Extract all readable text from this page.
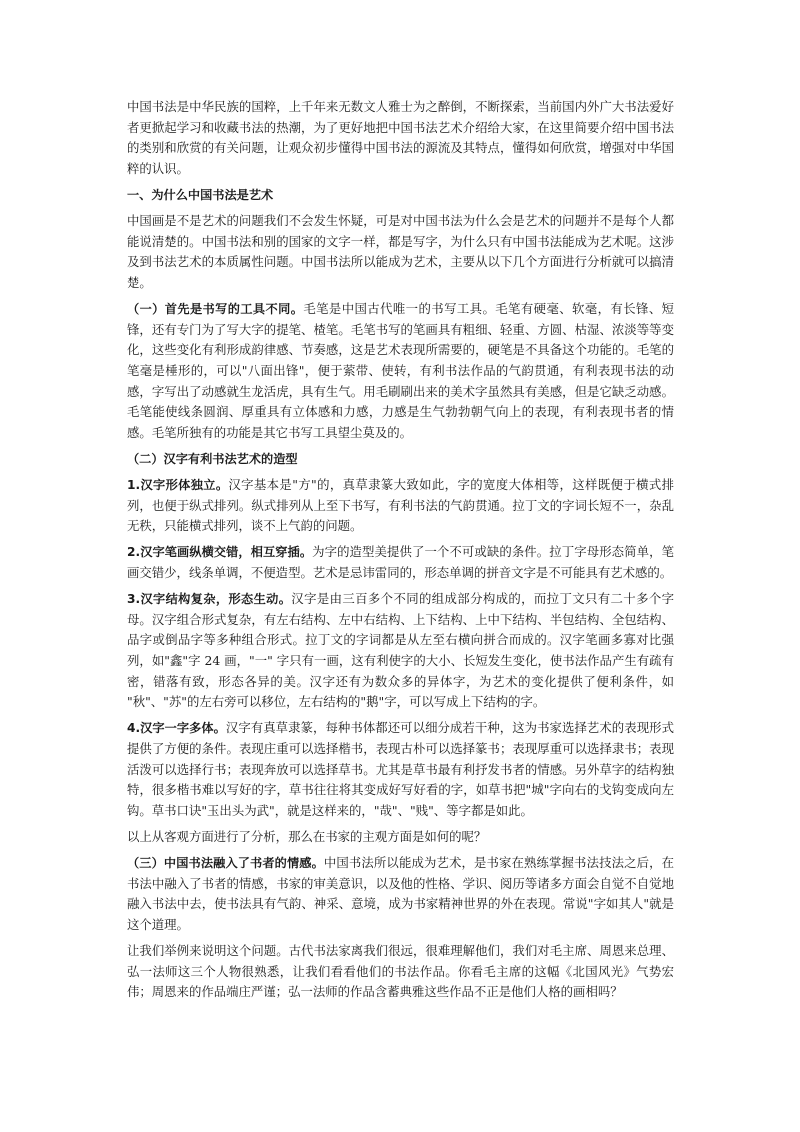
中国书法是中华民族的国粹，上千年来无数文人雅士为之醉倒，不断探索，当前国内外广大书法爱好者更掀起学习和收藏书法的热潮，为了更好地把中国书法艺术介绍给大家，在这里简要介绍中国书法的类别和欣赏的有关问题，让观众初步懂得中国书法的源流及其特点，懂得如何欣赏，增强对中华国粹的认识。

一、为什么中国书法是艺术

中国画是不是艺术的问题我们不会发生怀疑，可是对中国书法为什么会是艺术的问题并不是每个人都能说清楚的。中国书法和别的国家的文字一样，都是写字，为什么只有中国书法能成为艺术呢。这涉及到书法艺术的本质属性问题。中国书法所以能成为艺术，主要从以下几个方面进行分析就可以搞清楚。

（一）首先是书写的工具不同。毛笔是中国古代唯一的书写工具。毛笔有硬毫、软毫，有长锋、短锋，还有专门为了写大字的提笔、楂笔。毛笔书写的笔画具有粗细、轻重、方圆、枯湿、浓淡等等变化，这些变化有利形成韵律感、节奏感，这是艺术表现所需要的，硬笔是不具备这个功能的。毛笔的笔毫是棰形的，可以"八面出锋"，便于萦带、使转，有利书法作品的气韵贯通，有利表现书法的动感，字写出了动感就生龙活虎，具有生气。用毛刷刷出来的美术字虽然具有美感，但是它缺乏动感。毛笔能使线条圆润、厚重具有立体感和力感，力感是生气勃勃朝气向上的表现，有利表现书者的情感。毛笔所独有的功能是其它书写工具望尘莫及的。

（二）汉字有利书法艺术的造型

1.汉字形体独立。汉字基本是"方"的，真草隶篆大致如此，字的宽度大体相等，这样既便于横式排列，也便于纵式排列。纵式排列从上至下书写，有利书法的气韵贯通。拉丁文的字词长短不一，杂乱无秩，只能横式排列，谈不上气韵的问题。

2.汉字笔画纵横交错，相互穿插。为字的造型美提供了一个不可或缺的条件。拉丁字母形态简单，笔画交错少，线条单调，不便造型。艺术是忌讳雷同的，形态单调的拼音文字是不可能具有艺术感的。

3.汉字结构复杂，形态生动。汉字是由三百多个不同的组成部分构成的，而拉丁文只有二十多个字母。汉字组合形式复杂，有左右结构、左中右结构、上下结构、上中下结构、半包结构、全包结构、品字或倒品字等多种组合形式。拉丁文的字词都是从左至右横向拼合而成的。汉字笔画多寡对比强列，如"鑫"字 24 画，"一" 字只有一画，这有利使字的大小、长短发生变化，使书法作品产生有疏有密，错落有致，形态各异的美。汉字还有为数众多的异体字，为艺术的变化提供了便利条件，如 "秋"、"苏"的左右旁可以移位，左右结构的"鹅"字，可以写成上下结构的字。

4.汉字一字多体。汉字有真草隶篆，每种书体都还可以细分成若干种，这为书家选择艺术的表现形式提供了方便的条件。表现庄重可以选择楷书，表现古朴可以选择篆书；表现厚重可以选择隶书；表现活泼可以选择行书；表现奔放可以选择草书。尤其是草书最有利抒发书者的情感。另外草字的结构独特，很多楷书难以写好的字，草书往往将其变成好写好看的字，如草书把"城"字向右的戈钩变成向左钩。草书口诀"玉出头为武"，就是这样来的，"哉"、"贱"、等字都是如此。

以上从客观方面进行了分析，那么在书家的主观方面是如何的呢？

（三）中国书法融入了书者的情感。中国书法所以能成为艺术，是书家在熟练掌握书法技法之后，在书法中融入了书者的情感，书家的审美意识，以及他的性格、学识、阅历等诸多方面会自觉不自觉地融入书法中去，使书法具有气韵、神采、意境，成为书家精神世界的外在表现。常说"字如其人"就是这个道理。

让我们举例来说明这个问题。古代书法家离我们很远，很难理解他们，我们对毛主席、周恩来总理、弘一法师这三个人物很熟悉，让我们看看他们的书法作品。你看毛主席的这幅《北国风光》气势宏伟；周恩来的作品端庄严谨；弘一法师的作品含蓄典雅这些作品不正是他们人格的画相吗？
